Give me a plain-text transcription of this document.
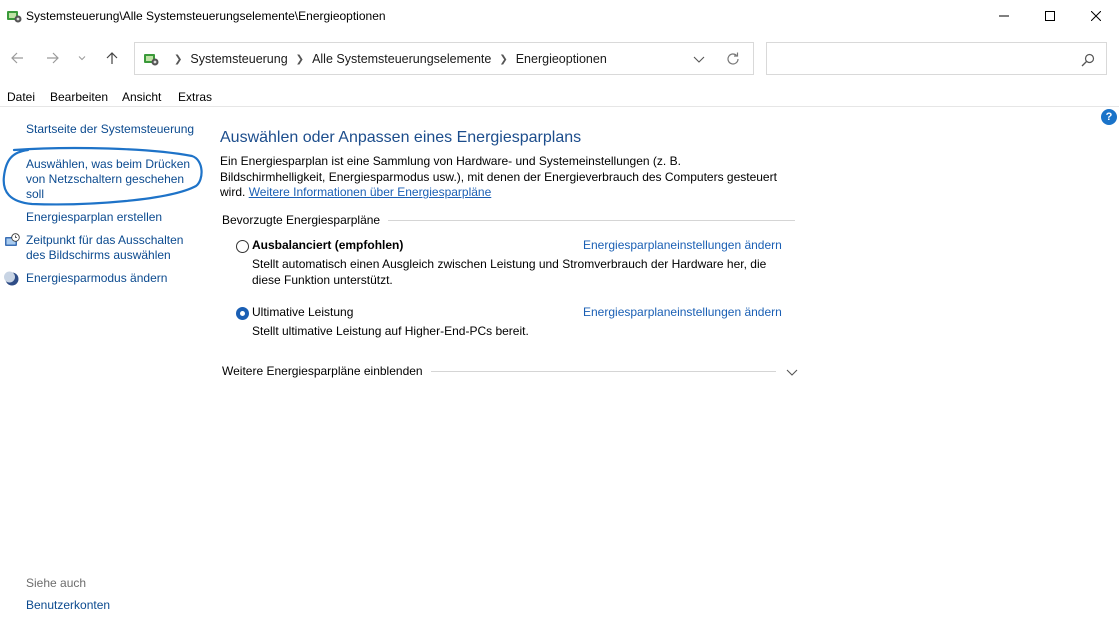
Systemsteuerung\Alle Systemsteuerungselemente\Energieoptionen
❯ Systemsteuerung ❯ Alle Systemsteuerungselemente ❯ Energieoptionen
Datei Bearbeiten Ansicht Extras
?
Startseite der Systemsteuerung
Auswählen, was beim Drücken von Netzschaltern geschehen soll
Energiesparplan erstellen
Zeitpunkt für das Ausschalten des Bildschirms auswählen
Energiesparmodus ändern
Siehe auch
Benutzerkonten
Auswählen oder Anpassen eines Energiesparplans
Ein Energiesparplan ist eine Sammlung von Hardware- und Systemeinstellungen (z. B. Bildschirmhelligkeit, Energiesparmodus usw.), mit denen der Energieverbrauch des Computers gesteuert wird. Weitere Informationen über Energiesparpläne
Bevorzugte Energiesparpläne
Ausbalanciert (empfohlen)	Energiesparplaneinstellungen ändern
Stellt automatisch einen Ausgleich zwischen Leistung und Stromverbrauch der Hardware her, die diese Funktion unterstützt.
Ultimative Leistung	Energiesparplaneinstellungen ändern
Stellt ultimative Leistung auf Higher-End-PCs bereit.
Weitere Energiesparpläne einblenden
